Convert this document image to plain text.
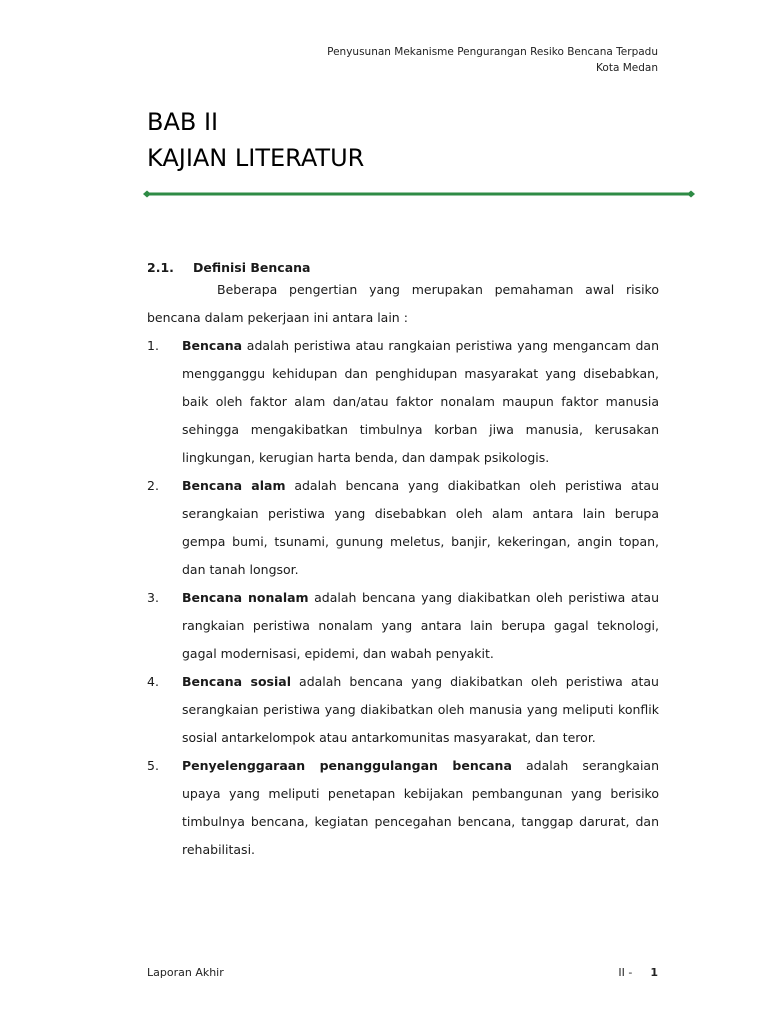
Penyusunan Mekanisme Pengurangan Resiko Bencana Terpadu
Kota Medan
BAB II
KAJIAN LITERATUR
2.1. Definisi Bencana
Beberapa pengertian yang merupakan pemahaman awal risiko bencana dalam pekerjaan ini antara lain :
1. Bencana adalah peristiwa atau rangkaian peristiwa yang mengancam dan mengganggu kehidupan dan penghidupan masyarakat yang disebabkan, baik oleh faktor alam dan/atau faktor nonalam maupun faktor manusia sehingga mengakibatkan timbulnya korban jiwa manusia, kerusakan lingkungan, kerugian harta benda, dan dampak psikologis.
2. Bencana alam adalah bencana yang diakibatkan oleh peristiwa atau serangkaian peristiwa yang disebabkan oleh alam antara lain berupa gempa bumi, tsunami, gunung meletus, banjir, kekeringan, angin topan, dan tanah longsor.
3. Bencana nonalam adalah bencana yang diakibatkan oleh peristiwa atau rangkaian peristiwa nonalam yang antara lain berupa gagal teknologi, gagal modernisasi, epidemi, dan wabah penyakit.
4. Bencana sosial adalah bencana yang diakibatkan oleh peristiwa atau serangkaian peristiwa yang diakibatkan oleh manusia yang meliputi konflik sosial antarkelompok atau antarkomunitas masyarakat, dan teror.
5. Penyelenggaraan penanggulangan bencana adalah serangkaian upaya yang meliputi penetapan kebijakan pembangunan yang berisiko timbulnya bencana, kegiatan pencegahan bencana, tanggap darurat, dan rehabilitasi.
Laporan Akhir	II - 1
